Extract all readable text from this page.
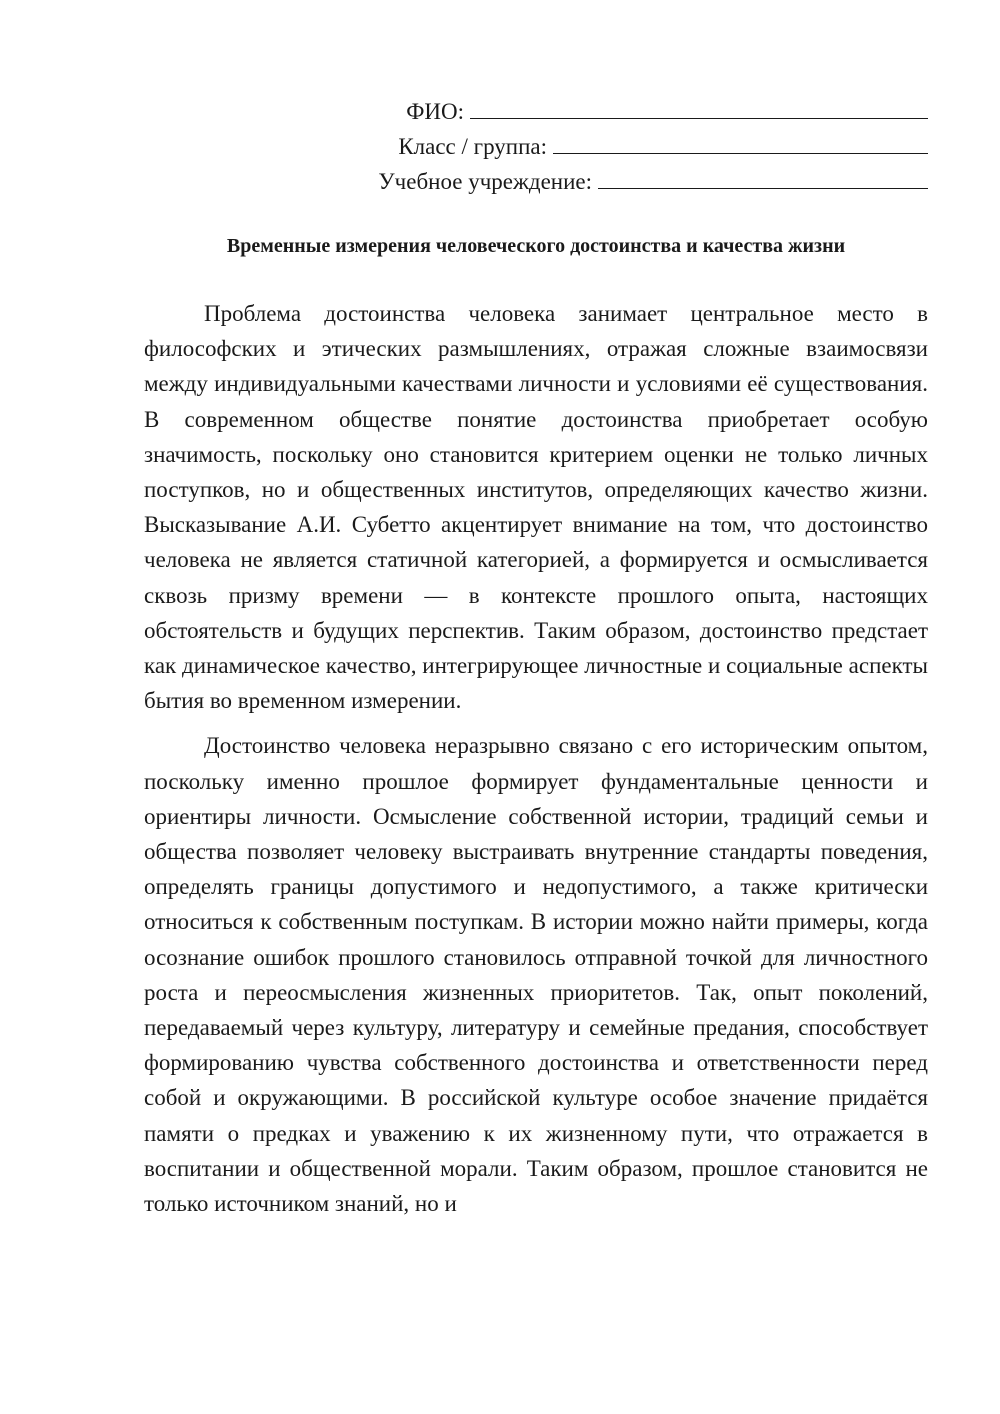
ФИО:
Класс / группа:
Учебное учреждение:
Временные измерения человеческого достоинства и качества жизни

Проблема достоинства человека занимает центральное место в философских и этических размышлениях, отражая сложные взаимосвязи между индивидуальными качествами личности и условиями её существования. В современном обществе понятие достоинства приобретает особую значимость, поскольку оно становится критерием оценки не только личных поступков, но и общественных институтов, определяющих качество жизни. Высказывание А.И. Субетто акцентирует внимание на том, что достоинство человека не является статичной категорией, а формируется и осмысливается сквозь призму времени — в контексте прошлого опыта, настоящих обстоятельств и будущих перспектив. Таким образом, достоинство предстает как динамическое качество, интегрирующее личностные и социальные аспекты бытия во временном измерении.

Достоинство человека неразрывно связано с его историческим опытом, поскольку именно прошлое формирует фундаментальные ценности и ориентиры личности. Осмысление собственной истории, традиций семьи и общества позволяет человеку выстраивать внутренние стандарты поведения, определять границы допустимого и недопустимого, а также критически относиться к собственным поступкам. В истории можно найти примеры, когда осознание ошибок прошлого становилось отправной точкой для личностного роста и переосмысления жизненных приоритетов. Так, опыт поколений, передаваемый через культуру, литературу и семейные предания, способствует формированию чувства собственного достоинства и ответственности перед собой и окружающими. В российской культуре особое значение придаётся памяти о предках и уважению к их жизненному пути, что отражается в воспитании и общественной морали. Таким образом, прошлое становится не только источником знаний, но и
